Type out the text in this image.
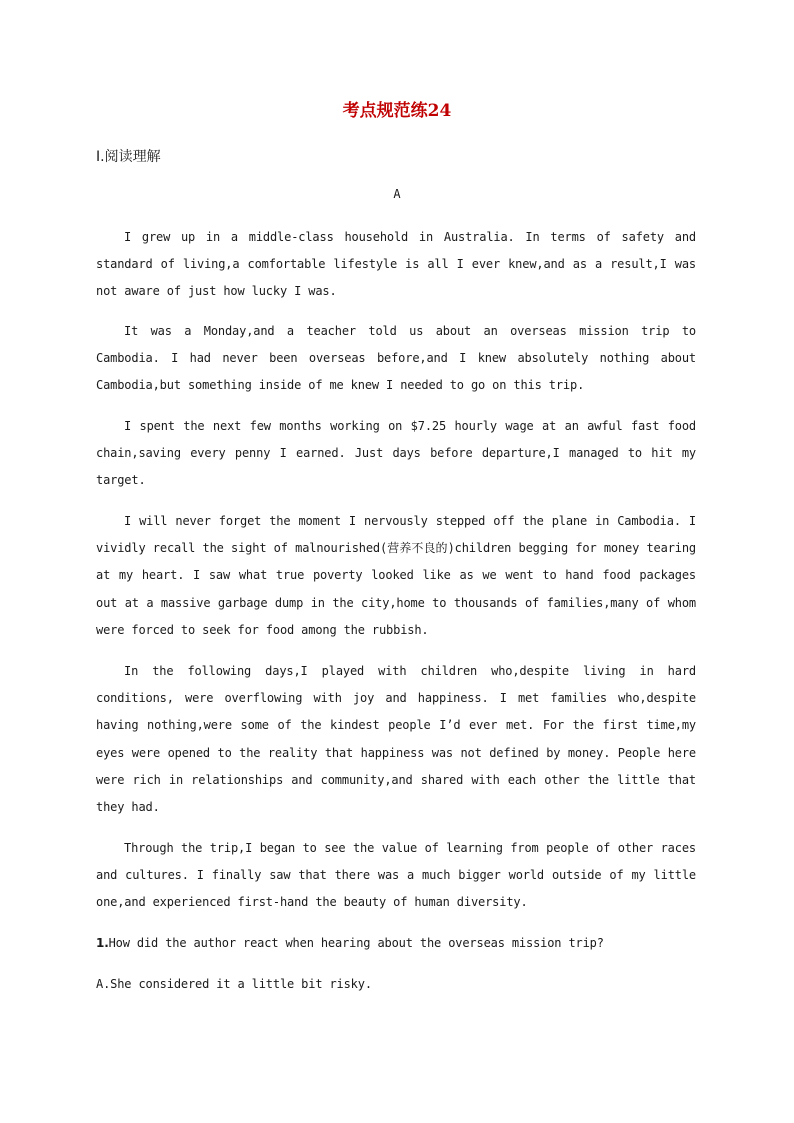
考点规范练24
Ⅰ.阅读理解
A

I grew up in a middle-class household in Australia. In terms of safety and standard of living,a comfortable lifestyle is all I ever knew,and as a result,I was not aware of just how lucky I was.

It was a Monday,and a teacher told us about an overseas mission trip to Cambodia. I had never been overseas before,and I knew absolutely nothing about Cambodia,but something inside of me knew I needed to go on this trip.

I spent the next few months working on $7.25 hourly wage at an awful fast food chain,saving every penny I earned. Just days before departure,I managed to hit my target.

I will never forget the moment I nervously stepped off the plane in Cambodia. I vividly recall the sight of malnourished(营养不良的)children begging for money tearing at my heart. I saw what true poverty looked like as we went to hand food packages out at a massive garbage dump in the city,home to thousands of families,many of whom were forced to seek for food among the rubbish.

In the following days,I played with children who,despite living in hard conditions, were overflowing with joy and happiness. I met families who,despite having nothing,were some of the kindest people I’d ever met. For the first time,my eyes were opened to the reality that happiness was not defined by money. People here were rich in relationships and community,and shared with each other the little that they had.

Through the trip,I began to see the value of learning from people of other races and cultures. I finally saw that there was a much bigger world outside of my little one,and experienced first-hand the beauty of human diversity.

1.How did the author react when hearing about the overseas mission trip?

A.She considered it a little bit risky.
